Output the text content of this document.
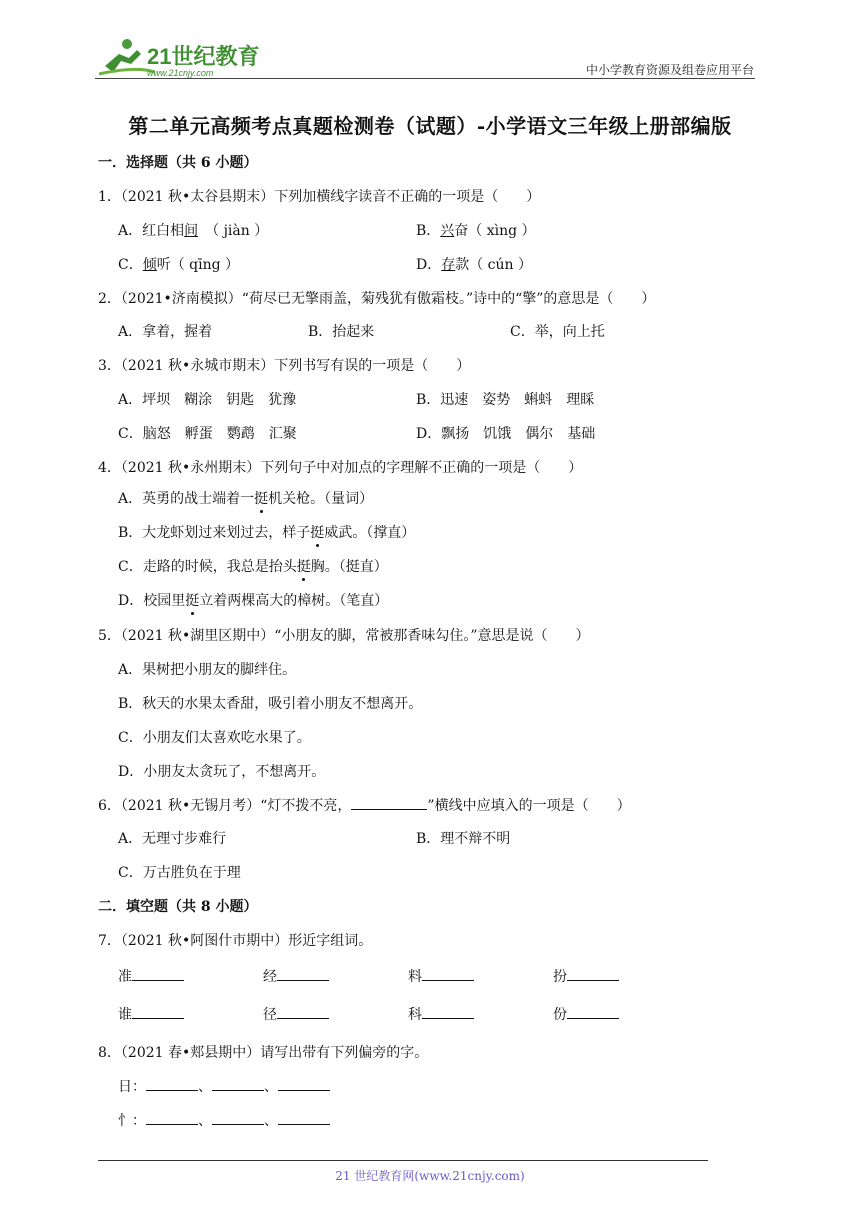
21世纪教育
www.21cnjy.com	中小学教育资源及组卷应用平台
第二单元高频考点真题检测卷（试题）-小学语文三年级上册部编版
一．选择题（共 6 小题）
1．（2021 秋•太谷县期末）下列加横线字读音不正确的一项是（　　）
A．红白相间　（ jiàn ）	B．兴奋（ xìng ）
C．倾听（ qīng ）	D．存款（ cún ）
2．（2021•济南模拟）“荷尽已无擎雨盖，菊残犹有傲霜枝。”诗中的“擎”的意思是（　　）
A．拿着，握着	B．抬起来	C．举，向上托
3．（2021 秋•永城市期末）下列书写有误的一项是（　　）
A．坪坝　糊涂　钥匙　犹豫	B．迅速　姿势　蝌蚪　理睬
C．脑怒　孵蛋　鹦鹉　汇聚	D．飘扬　饥饿　偶尔　基础
4．（2021 秋•永州期末）下列句子中对加点的字理解不正确的一项是（　　）
A．英勇的战士端着一挺机关枪。（量词）
B．大龙虾划过来划过去，样子挺威武。（撑直）
C．走路的时候，我总是抬头挺胸。（挺直）
D．校园里挺立着两棵高大的樟树。（笔直）
5．（2021 秋•湖里区期中）“小朋友的脚，常被那香味勾住。”意思是说（　　）
A．果树把小朋友的脚绊住。
B．秋天的水果太香甜，吸引着小朋友不想离开。
C．小朋友们太喜欢吃水果了。
D．小朋友太贪玩了，不想离开。
6．（2021 秋•无锡月考）“灯不拨不亮，	”横线中应填入的一项是（　　）
A．无理寸步难行	B．理不辩不明
C．万古胜负在于理
二．填空题（共 8 小题）
7．（2021 秋•阿图什市期中）形近字组词。
准	经	料	扮
谁	径	科	份
8．（2021 春•郏县期中）请写出带有下列偏旁的字。
日：	、	、
忄：	、	、
21 世纪教育网(www.21cnjy.com)
